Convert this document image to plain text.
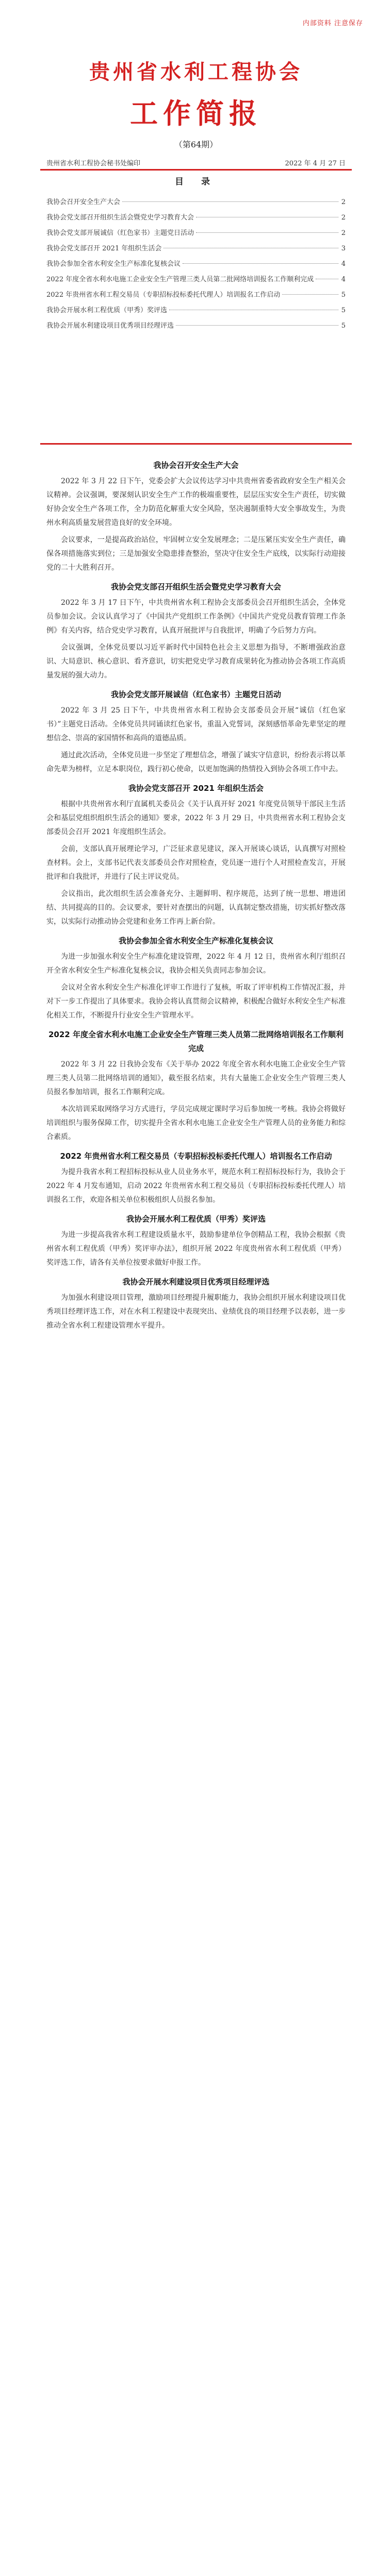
内部资料 注意保存
贵州省水利工程协会
工作简报
（第64期）
贵州省水利工程协会秘书处编印	2022 年 4 月 27 日
目 录
我协会召开安全生产大会	2
我协会党支部召开组织生活会暨党史学习教育大会	2
我协会党支部开展诚信（红色家书）主题党日活动	2
我协会党支部召开 2021 年组织生活会	3
我协会参加全省水利安全生产标准化复核会议	4
2022 年度全省水利水电施工企业安全生产管理三类人员第二批网络培训报名工作顺利完成	4
2022 年贵州省水利工程交易员（专职招标投标委托代理人）培训报名工作启动	5
我协会开展水利工程优质（甲秀）奖评选	5
我协会开展水利建设项目优秀项目经理评选	5
我协会召开安全生产大会

2022 年 3 月 22 日下午，党委会扩大会议传达学习中共贵州省委省政府安全生产相关会议精神。会议强调，要深刻认识安全生产工作的极端重要性，层层压实安全生产责任，切实做好协会安全生产各项工作，全力防范化解重大安全风险，坚决遏制重特大安全事故发生，为贵州水利高质量发展营造良好的安全环境。

会议要求，一是提高政治站位，牢固树立安全发展理念；二是压紧压实安全生产责任，确保各项措施落实到位；三是加强安全隐患排查整治，坚决守住安全生产底线，以实际行动迎接党的二十大胜利召开。

我协会党支部召开组织生活会暨党史学习教育大会

2022 年 3 月 17 日下午，中共贵州省水利工程协会支部委员会召开组织生活会，全体党员参加会议。会议认真学习了《中国共产党组织工作条例》《中国共产党党员教育管理工作条例》有关内容，结合党史学习教育，认真开展批评与自我批评，明确了今后努力方向。

会议强调，全体党员要以习近平新时代中国特色社会主义思想为指导，不断增强政治意识、大局意识、核心意识、看齐意识，切实把党史学习教育成果转化为推动协会各项工作高质量发展的强大动力。

我协会党支部开展诚信（红色家书）主题党日活动

2022 年 3 月 25 日下午，中共贵州省水利工程协会支部委员会开展“诚信（红色家书）”主题党日活动。全体党员共同诵读红色家书，重温入党誓词，深刻感悟革命先辈坚定的理想信念、崇高的家国情怀和高尚的道德品质。

通过此次活动，全体党员进一步坚定了理想信念，增强了诚实守信意识，纷纷表示将以革命先辈为榜样，立足本职岗位，践行初心使命，以更加饱满的热情投入到协会各项工作中去。

我协会党支部召开 2021 年组织生活会

根据中共贵州省水利厅直属机关委员会《关于认真开好 2021 年度党员领导干部民主生活会和基层党组织组织生活会的通知》要求，2022 年 3 月 29 日，中共贵州省水利工程协会支部委员会召开 2021 年度组织生活会。

会前，支部认真开展理论学习，广泛征求意见建议，深入开展谈心谈话，认真撰写对照检查材料。会上，支部书记代表支部委员会作对照检查，党员逐一进行个人对照检查发言，开展批评和自我批评，并进行了民主评议党员。

会议指出，此次组织生活会准备充分、主题鲜明、程序规范，达到了统一思想、增进团结、共同提高的目的。会议要求，要针对查摆出的问题，认真制定整改措施，切实抓好整改落实，以实际行动推动协会党建和业务工作再上新台阶。

我协会参加全省水利安全生产标准化复核会议

为进一步加强水利安全生产标准化建设管理，2022 年 4 月 12 日，贵州省水利厅组织召开全省水利安全生产标准化复核会议，我协会相关负责同志参加会议。

会议对全省水利安全生产标准化评审工作进行了复核，听取了评审机构工作情况汇报，并对下一步工作提出了具体要求。我协会将认真贯彻会议精神，积极配合做好水利安全生产标准化相关工作，不断提升行业安全生产管理水平。

2022 年度全省水利水电施工企业安全生产管理三类人员第二批网络培训报名工作顺利完成

2022 年 3 月 22 日我协会发布《关于举办 2022 年度全省水利水电施工企业安全生产管理三类人员第二批网络培训的通知》，截至报名结束，共有大量施工企业安全生产管理三类人员报名参加培训，报名工作顺利完成。

本次培训采取网络学习方式进行，学员完成规定课时学习后参加统一考核。我协会将做好培训组织与服务保障工作，切实提升全省水利水电施工企业安全生产管理人员的业务能力和综合素质。

2022 年贵州省水利工程交易员（专职招标投标委托代理人）培训报名工作启动

为提升我省水利工程招标投标从业人员业务水平，规范水利工程招标投标行为，我协会于 2022 年 4 月发布通知，启动 2022 年贵州省水利工程交易员（专职招标投标委托代理人）培训报名工作，欢迎各相关单位积极组织人员报名参加。

我协会开展水利工程优质（甲秀）奖评选

为进一步提高我省水利工程建设质量水平，鼓励参建单位争创精品工程，我协会根据《贵州省水利工程优质（甲秀）奖评审办法》，组织开展 2022 年度贵州省水利工程优质（甲秀）奖评选工作，请各有关单位按要求做好申报工作。

我协会开展水利建设项目优秀项目经理评选

为加强水利建设项目管理，激励项目经理提升履职能力，我协会组织开展水利建设项目优秀项目经理评选工作，对在水利工程建设中表现突出、业绩优良的项目经理予以表彰，进一步推动全省水利工程建设管理水平提升。
